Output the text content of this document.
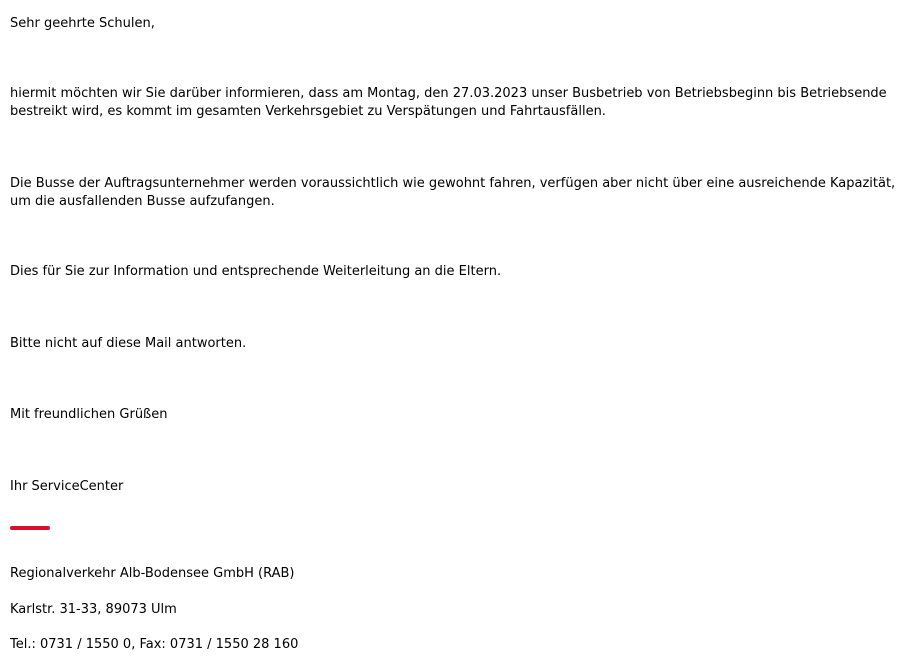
Sehr geehrte Schulen,
hiermit möchten wir Sie darüber informieren, dass am Montag, den 27.03.2023 unser Busbetrieb von Betriebsbeginn bis Betriebsende
bestreikt wird, es kommt im gesamten Verkehrsgebiet zu Verspätungen und Fahrtausfällen.
Die Busse der Auftragsunternehmer werden voraussichtlich wie gewohnt fahren, verfügen aber nicht über eine ausreichende Kapazität,
um die ausfallenden Busse aufzufangen.
Dies für Sie zur Information und entsprechende Weiterleitung an die Eltern.
Bitte nicht auf diese Mail antworten.
Mit freundlichen Grüßen
Ihr ServiceCenter
Regionalverkehr Alb-Bodensee GmbH (RAB)
Karlstr. 31-33, 89073 Ulm
Tel.: 0731 / 1550 0, Fax: 0731 / 1550 28 160
